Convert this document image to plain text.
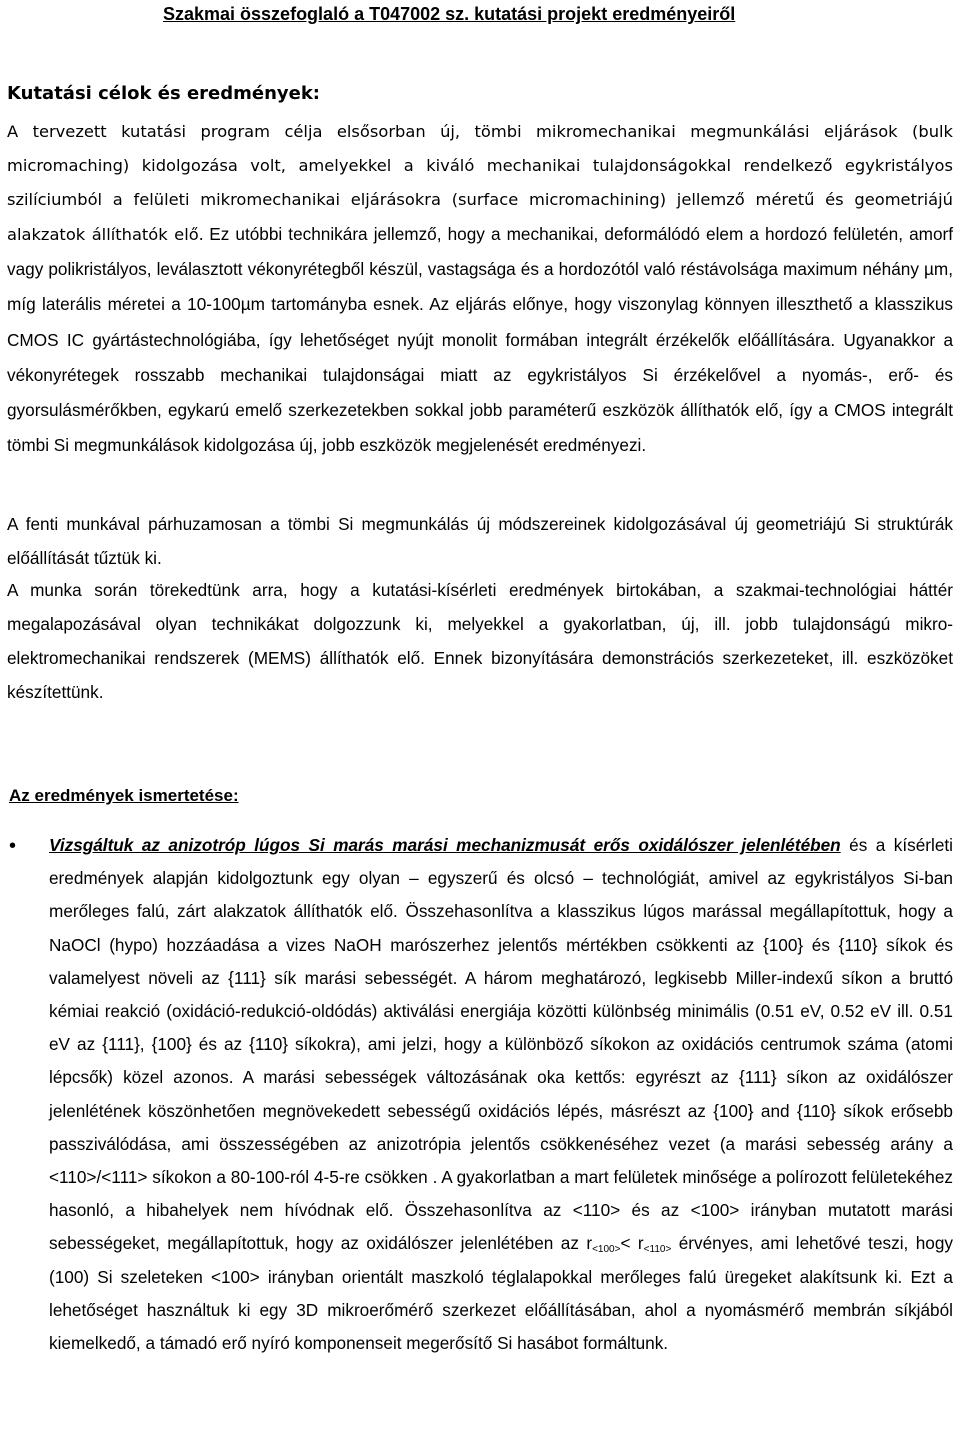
Szakmai összefoglaló a T047002 sz. kutatási projekt eredményeiről
Kutatási célok és eredmények:
A tervezett kutatási program célja elsősorban új, tömbi mikromechanikai megmunkálási eljárások (bulk micromaching) kidolgozása volt, amelyekkel a kiváló mechanikai tulajdonságokkal rendelkező egykristályos szilíciumból a felületi mikromechanikai eljárásokra (surface micromachining) jellemző méretű és geometriájú alakzatok állíthatók elő. Ez utóbbi technikára jellemző, hogy a mechanikai, deformálódó elem a hordozó felületén, amorf vagy polikristályos, leválasztott vékonyrétegből készül, vastagsága és a hordozótól való réstávolsága maximum néhány µm, míg laterális méretei a 10-100µm tartományba esnek. Az eljárás előnye, hogy viszonylag könnyen illeszthető a klasszikus CMOS IC gyártástechnológiába, így lehetőséget nyújt monolit formában integrált érzékelők előállítására. Ugyanakkor a vékonyrétegek rosszabb mechanikai tulajdonságai miatt az egykristályos Si érzékelővel a nyomás-, erő- és gyorsulásmérőkben, egykarú emelő szerkezetekben sokkal jobb paraméterű eszközök állíthatók elő, így a CMOS integrált tömbi Si megmunkálások kidolgozása új, jobb eszközök megjelenését eredményezi.
A fenti munkával párhuzamosan a tömbi Si megmunkálás új módszereinek kidolgozásával új geometriájú Si struktúrák előállítását tűztük ki.
A munka során törekedtünk arra, hogy a kutatási-kísérleti eredmények birtokában, a szakmai-technológiai háttér megalapozásával olyan technikákat dolgozzunk ki, melyekkel a gyakorlatban, új, ill. jobb tulajdonságú mikro-elektromechanikai rendszerek (MEMS) állíthatók elő. Ennek bizonyítására demonstrációs szerkezeteket, ill. eszközöket készítettünk.
Az eredmények ismertetése:
• Vizsgáltuk az anizotróp lúgos Si marás marási mechanizmusát erős oxidálószer jelenlétében és a kísérleti eredmények alapján kidolgoztunk egy olyan – egyszerű és olcsó – technológiát, amivel az egykristályos Si-ban merőleges falú, zárt alakzatok állíthatók elő. Összehasonlítva a klasszikus lúgos marással megállapítottuk, hogy a NaOCl (hypo) hozzáadása a vizes NaOH marószerhez jelentős mértékben csökkenti az {100} és {110} síkok és valamelyest növeli az {111} sík marási sebességét. A három meghatározó, legkisebb Miller-indexű síkon a bruttó kémiai reakció (oxidáció-redukció-oldódás) aktiválási energiája közötti különbség minimális (0.51 eV, 0.52 eV ill. 0.51 eV az {111}, {100} és az {110} síkokra), ami jelzi, hogy a különböző síkokon az oxidációs centrumok száma (atomi lépcsők) közel azonos. A marási sebességek változásának oka kettős: egyrészt az {111} síkon az oxidálószer jelenlétének köszönhetően megnövekedett sebességű oxidációs lépés, másrészt az {100} and {110} síkok erősebb passziválódása, ami összességében az anizotrópia jelentős csökkenéséhez vezet (a marási sebesség arány a <110>/<111> síkokon a 80-100-ról 4-5-re csökken . A gyakorlatban a mart felületek minősége a polírozott felületekéhez hasonló, a hibahelyek nem hívódnak elő. Összehasonlítva az <110> és az <100> irányban mutatott marási sebességeket, megállapítottuk, hogy az oxidálószer jelenlétében az $r_{<100>}< r_{<110>}$ érvényes, ami lehetővé teszi, hogy (100) Si szeleteken <100> irányban orientált maszkoló téglalapokkal merőleges falú üregeket alakítsunk ki. Ezt a lehetőséget használtuk ki egy 3D mikroerőmérő szerkezet előállításában, ahol a nyomásmérő membrán síkjából kiemelkedő, a támadó erő nyíró komponenseit megerősítő Si hasábot formáltunk.
